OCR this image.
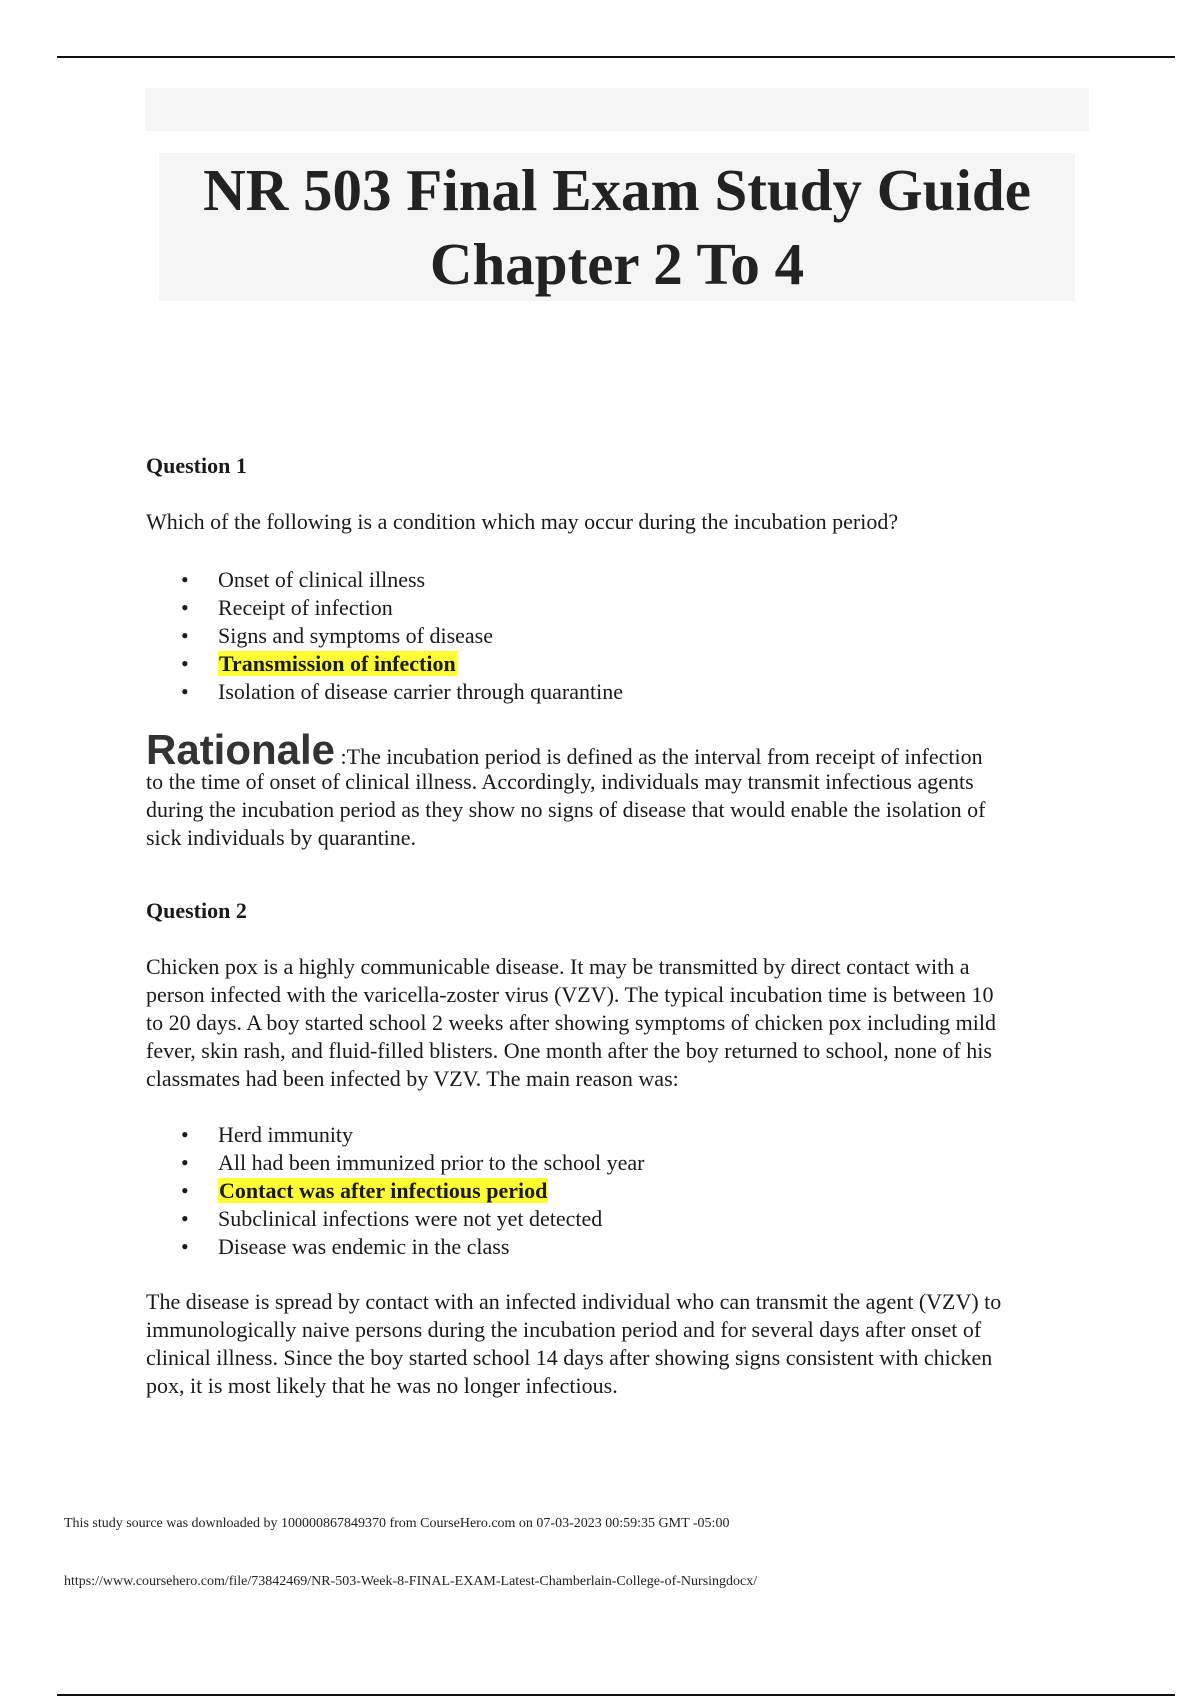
NR 503 Final Exam Study Guide
Chapter 2 To 4
Question 1
Which of the following is a condition which may occur during the incubation period?
• Onset of clinical illness
• Receipt of infection
• Signs and symptoms of disease
• Transmission of infection
• Isolation of disease carrier through quarantine
Rationale :The incubation period is defined as the interval from receipt of infection
to the time of onset of clinical illness. Accordingly, individuals may transmit infectious agents
during the incubation period as they show no signs of disease that would enable the isolation of
sick individuals by quarantine.
Question 2
Chicken pox is a highly communicable disease. It may be transmitted by direct contact with a
person infected with the varicella-zoster virus (VZV). The typical incubation time is between 10
to 20 days. A boy started school 2 weeks after showing symptoms of chicken pox including mild
fever, skin rash, and fluid-filled blisters. One month after the boy returned to school, none of his
classmates had been infected by VZV. The main reason was:
• Herd immunity
• All had been immunized prior to the school year
• Contact was after infectious period
• Subclinical infections were not yet detected
• Disease was endemic in the class
The disease is spread by contact with an infected individual who can transmit the agent (VZV) to
immunologically naive persons during the incubation period and for several days after onset of
clinical illness. Since the boy started school 14 days after showing signs consistent with chicken
pox, it is most likely that he was no longer infectious.
This study source was downloaded by 100000867849370 from CourseHero.com on 07-03-2023 00:59:35 GMT -05:00
https://www.coursehero.com/file/73842469/NR-503-Week-8-FINAL-EXAM-Latest-Chamberlain-College-of-Nursingdocx/
